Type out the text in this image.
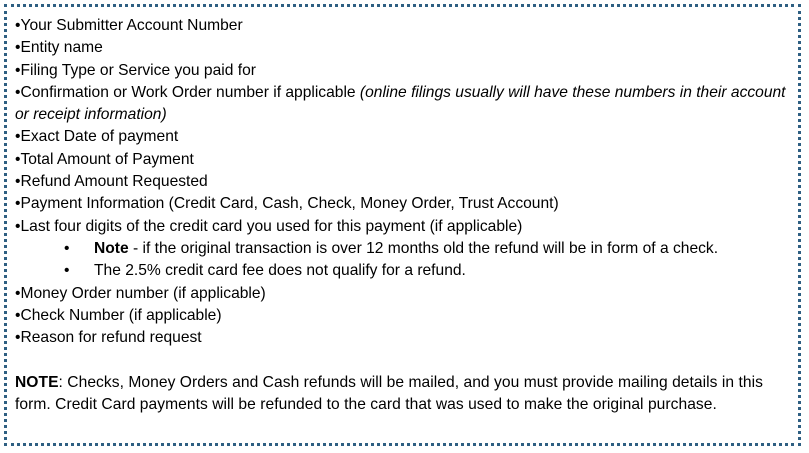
•Your Submitter Account Number
•Entity name
•Filing Type or Service you paid for
•Confirmation or Work Order number if applicable (online filings usually will have these numbers in their account or receipt information)
•Exact Date of payment
•Total Amount of Payment
•Refund Amount Requested
•Payment Information (Credit Card, Cash, Check, Money Order, Trust Account)
•Last four digits of the credit card you used for this payment (if applicable)
• Note - if the original transaction is over 12 months old the refund will be in form of a check.
• The 2.5% credit card fee does not qualify for a refund.
•Money Order number (if applicable)
•Check Number (if applicable)
•Reason for refund request

NOTE: Checks, Money Orders and Cash refunds will be mailed, and you must provide mailing details in this form. Credit Card payments will be refunded to the card that was used to make the original purchase.
